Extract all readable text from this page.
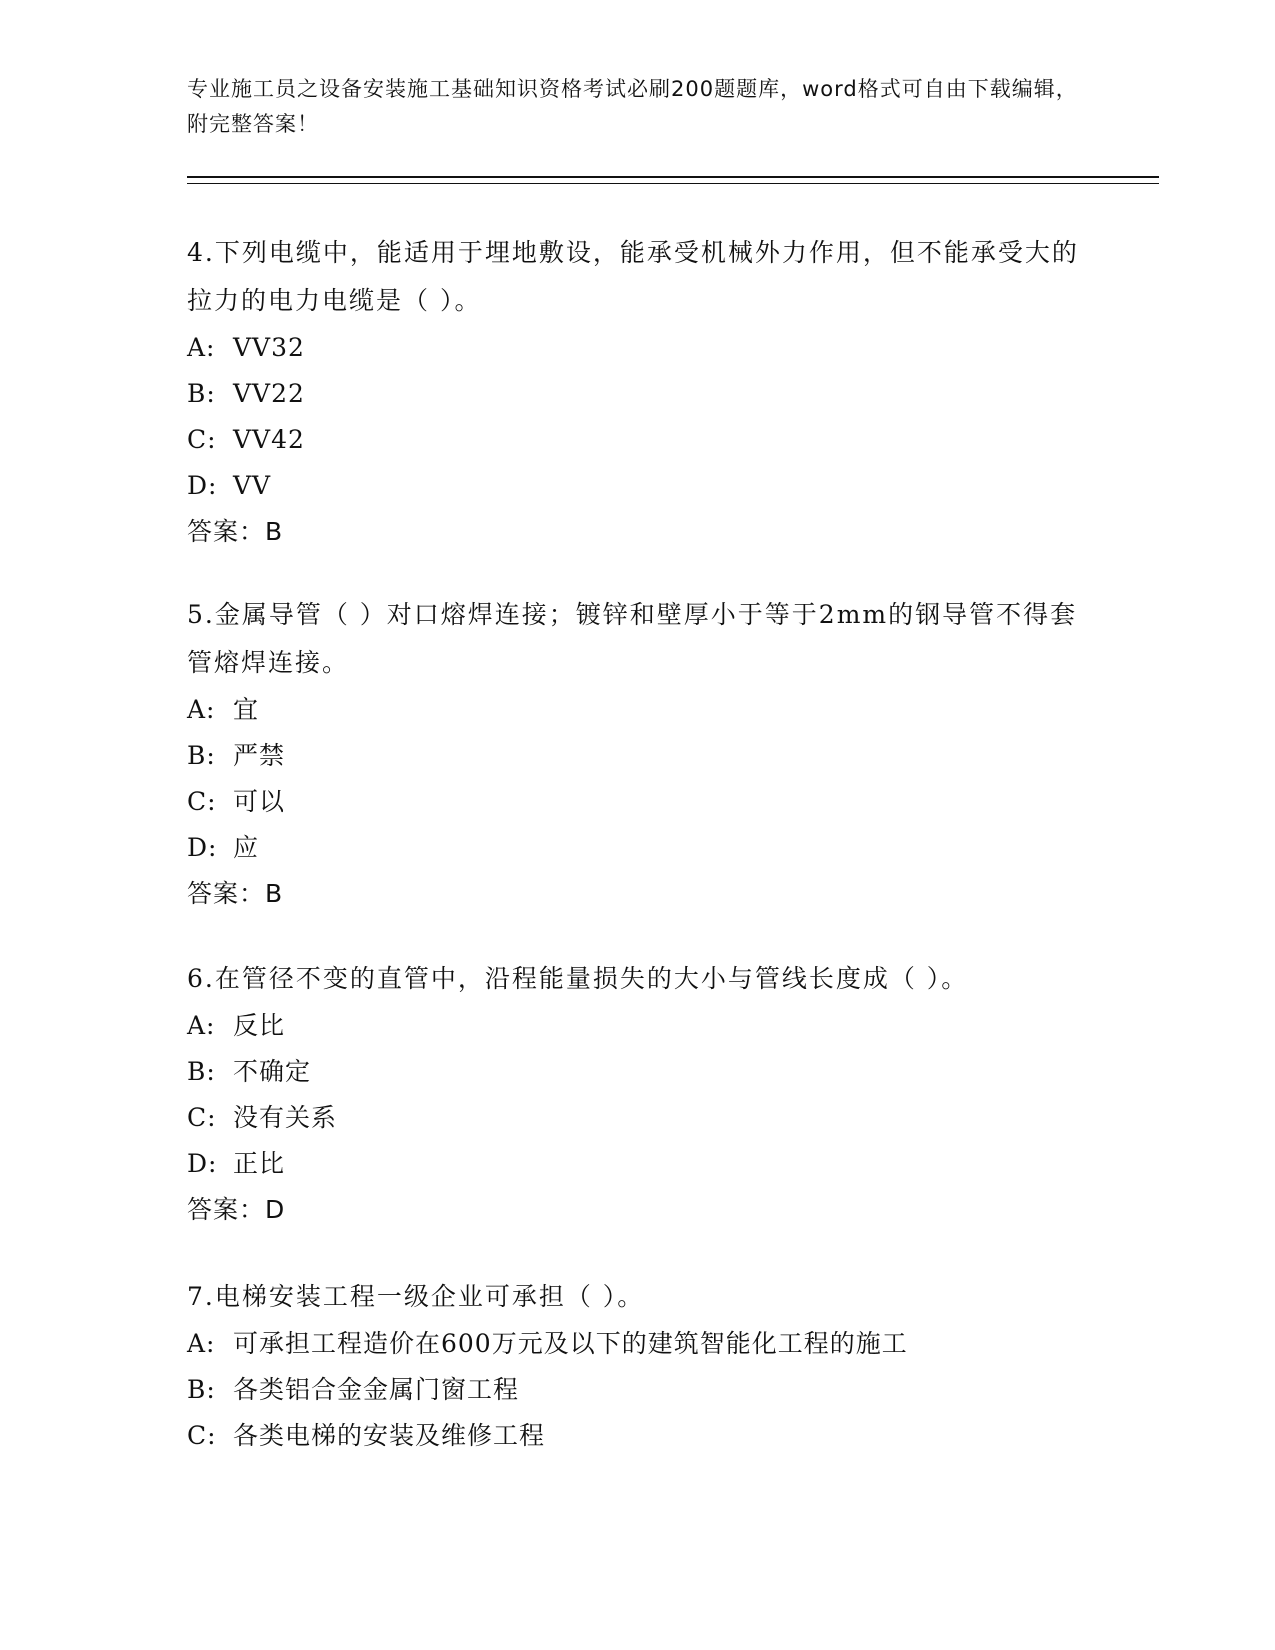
专业施工员之设备安装施工基础知识资格考试必刷200题题库，word格式可自由下载编辑，附完整答案！

4.下列电缆中，能适用于埋地敷设，能承受机械外力作用，但不能承受大的拉力的电力电缆是（ ）。

A: VV32

B: VV22

C: VV42

D: VV

答案：B

5.金属导管（ ）对口熔焊连接；镀锌和壁厚小于等于2mm的钢导管不得套管熔焊连接。

A: 宜

B: 严禁

C: 可以

D: 应

答案：B

6.在管径不变的直管中，沿程能量损失的大小与管线长度成（ ）。

A: 反比

B: 不确定

C: 没有关系

D: 正比

答案：D

7.电梯安装工程一级企业可承担（ ）。

A: 可承担工程造价在600万元及以下的建筑智能化工程的施工

B: 各类铝合金金属门窗工程

C: 各类电梯的安装及维修工程
